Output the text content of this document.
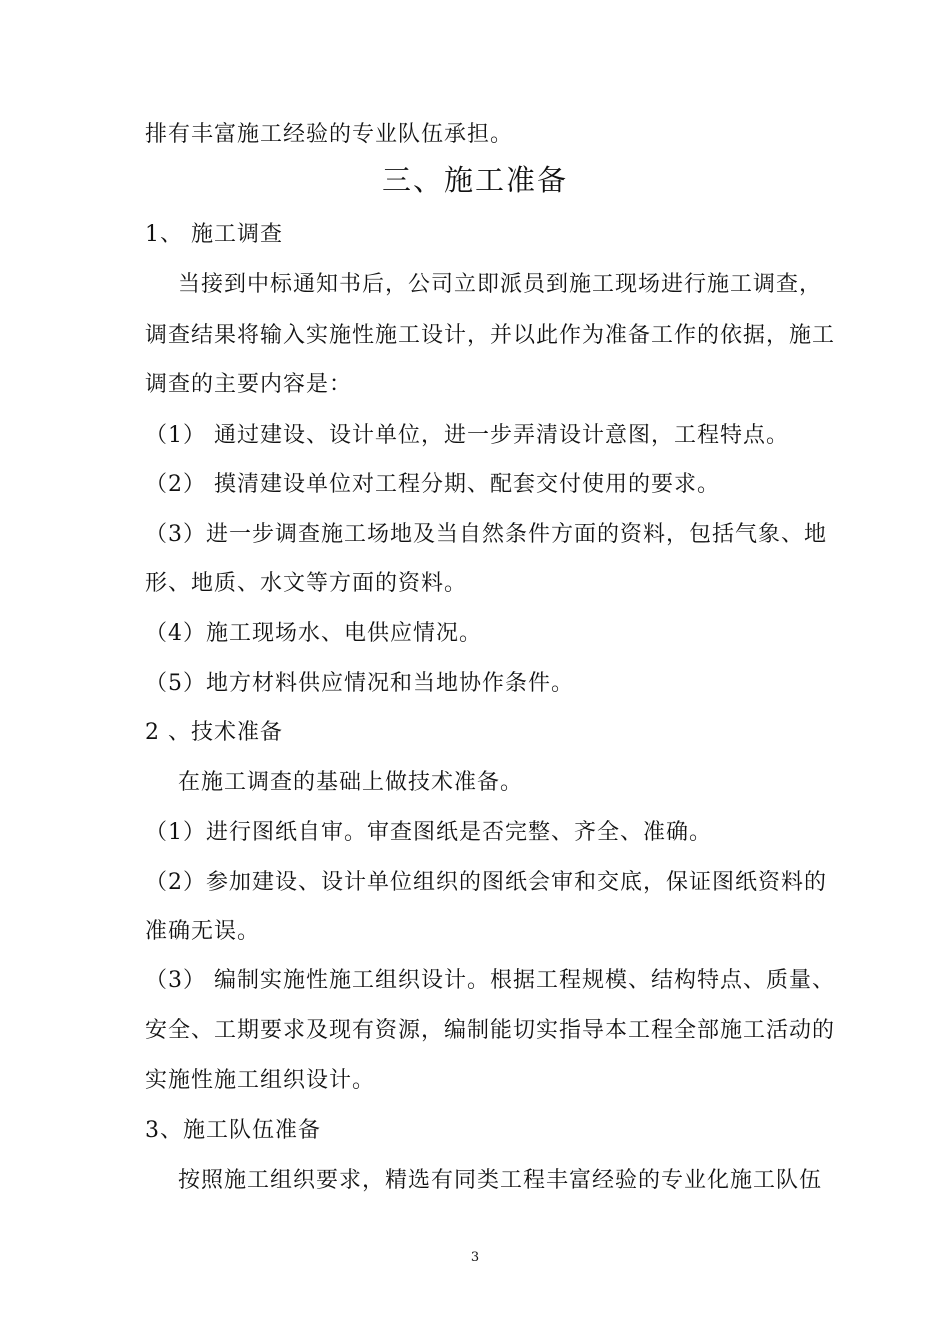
排有丰富施工经验的专业队伍承担。
三、施工准备
1、 施工调查
当接到中标通知书后，公司立即派员到施工现场进行施工调查，
调查结果将输入实施性施工设计，并以此作为准备工作的依据，施工
调查的主要内容是：
（1） 通过建设、设计单位，进一步弄清设计意图，工程特点。
（2） 摸清建设单位对工程分期、配套交付使用的要求。
（3）进一步调查施工场地及当自然条件方面的资料，包括气象、地
形、地质、水文等方面的资料。
（4）施工现场水、电供应情况。
（5）地方材料供应情况和当地协作条件。
2 、技术准备
在施工调查的基础上做技术准备。
（1）进行图纸自审。审查图纸是否完整、齐全、准确。
（2）参加建设、设计单位组织的图纸会审和交底，保证图纸资料的
准确无误。
（3） 编制实施性施工组织设计。根据工程规模、结构特点、质量、
安全、工期要求及现有资源，编制能切实指导本工程全部施工活动的
实施性施工组织设计。
3、施工队伍准备
按照施工组织要求，精选有同类工程丰富经验的专业化施工队伍
3
